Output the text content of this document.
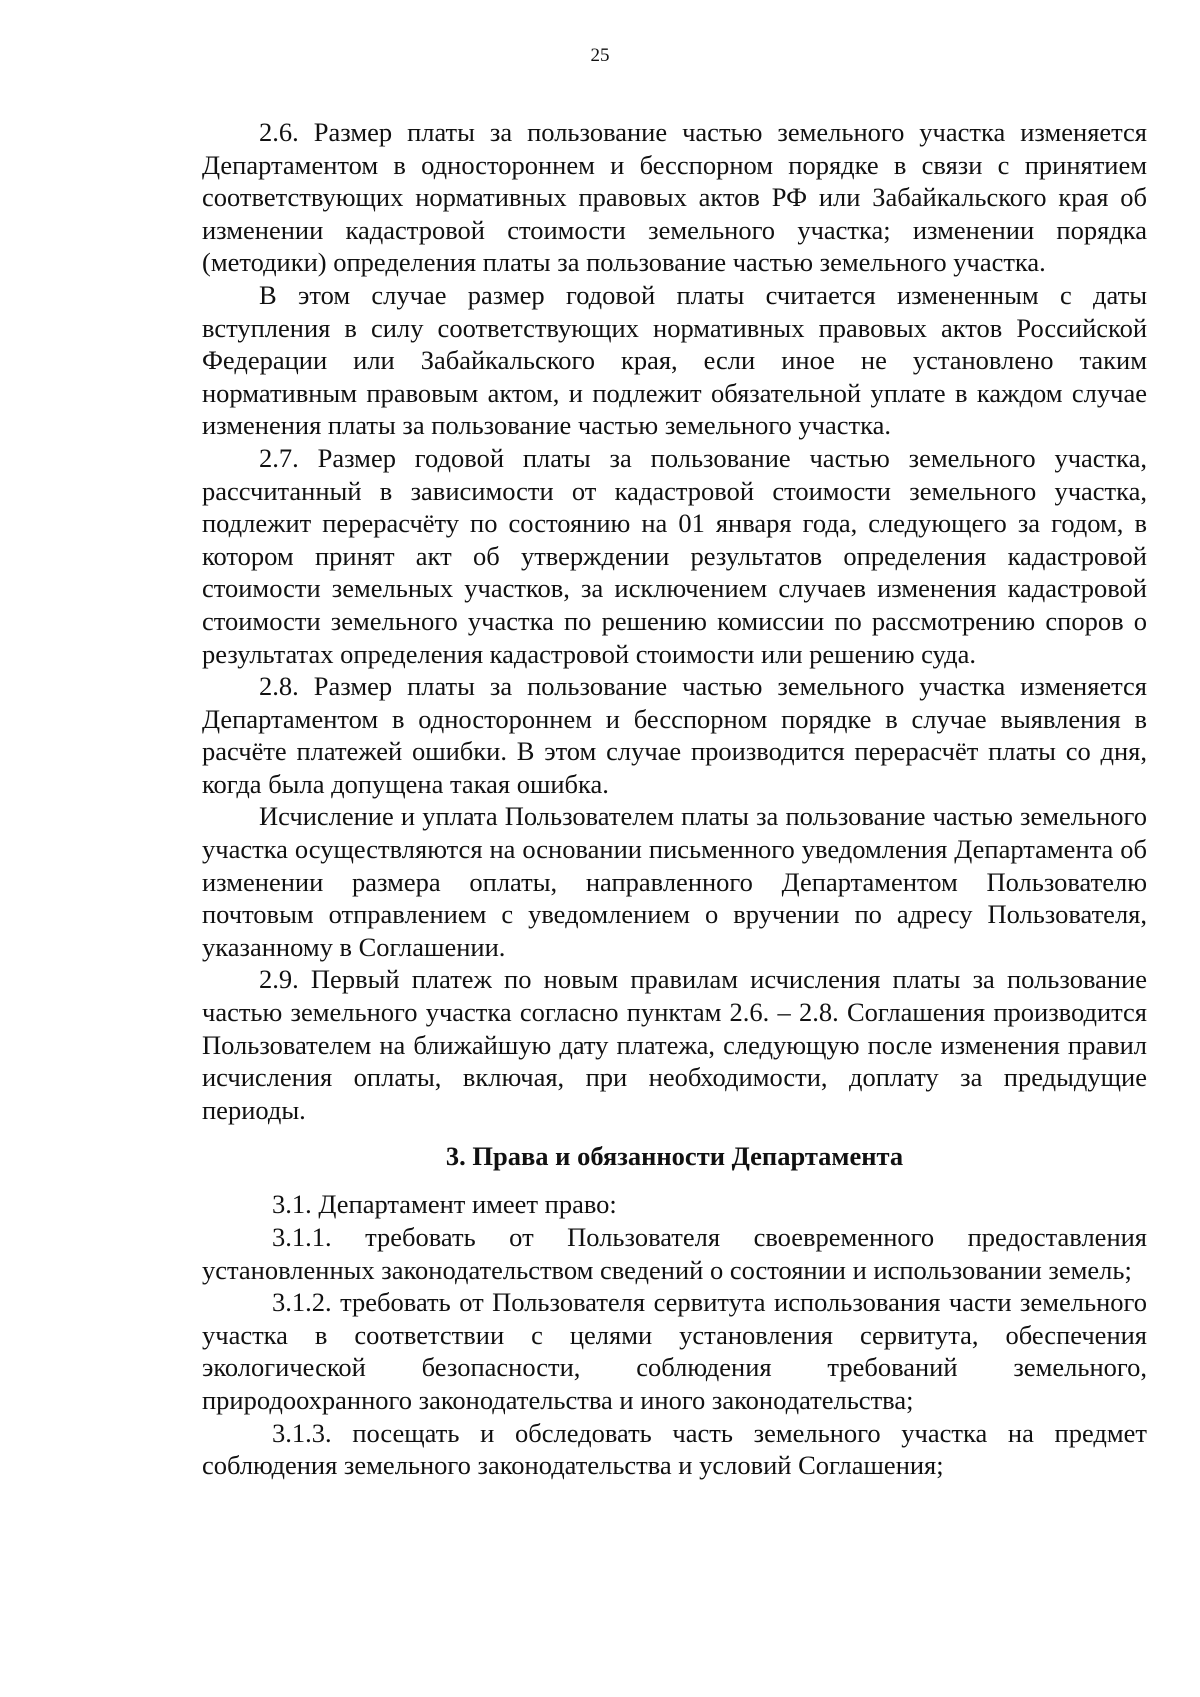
25

2.6. Размер платы за пользование частью земельного участка изменяется Департаментом в одностороннем и бесспорном порядке в связи с принятием соответствующих нормативных правовых актов РФ или Забайкальского края об изменении кадастровой стоимости земельного участка; изменении порядка (методики) определения платы за пользование частью земельного участка.

В этом случае размер годовой платы считается измененным с даты вступления в силу соответствующих нормативных правовых актов Российской Федерации или Забайкальского края, если иное не установлено таким нормативным правовым актом, и подлежит обязательной уплате в каждом случае изменения платы за пользование частью земельного участка.

2.7. Размер годовой платы за пользование частью земельного участка, рассчитанный в зависимости от кадастровой стоимости земельного участка, подлежит перерасчёту по состоянию на 01 января года, следующего за годом, в котором принят акт об утверждении результатов определения кадастровой стоимости земельных участков, за исключением случаев изменения кадастровой стоимости земельного участка по решению комиссии по рассмотрению споров о результатах определения кадастровой стоимости или решению суда.

2.8. Размер платы за пользование частью земельного участка изменяется Департаментом в одностороннем и бесспорном порядке в случае выявления в расчёте платежей ошибки. В этом случае производится перерасчёт платы со дня, когда была допущена такая ошибка.

Исчисление и уплата Пользователем платы за пользование частью земельного участка осуществляются на основании письменного уведомления Департамента об изменении размера оплаты, направленного Департаментом Пользователю почтовым отправлением с уведомлением о вручении по адресу Пользователя, указанному в Соглашении.

2.9. Первый платеж по новым правилам исчисления платы за пользование частью земельного участка согласно пунктам 2.6. – 2.8. Соглашения производится Пользователем на ближайшую дату платежа, следующую после изменения правил исчисления оплаты, включая, при необходимости, доплату за предыдущие периоды.

3. Права и обязанности Департамента

3.1. Департамент имеет право:

3.1.1. требовать от Пользователя своевременного предоставления установленных законодательством сведений о состоянии и использовании земель;

3.1.2. требовать от Пользователя сервитута использования части земельного участка в соответствии с целями установления сервитута, обеспечения экологической безопасности, соблюдения требований земельного, природоохранного законодательства и иного законодательства;

3.1.3. посещать и обследовать часть земельного участка на предмет соблюдения земельного законодательства и условий Соглашения;
